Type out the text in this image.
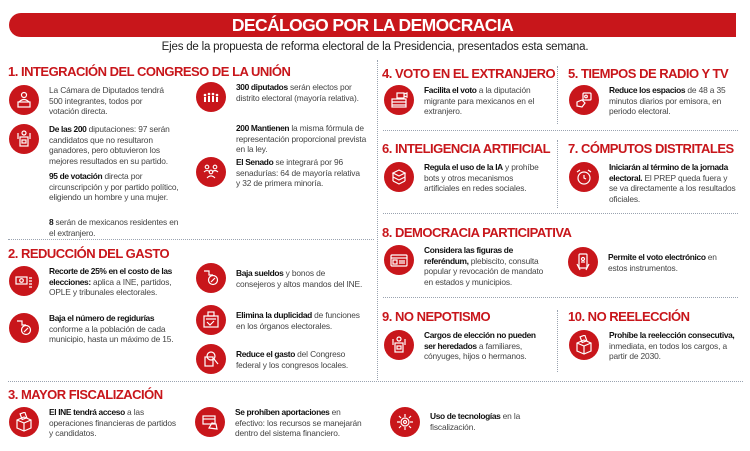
DECÁLOGO POR LA DEMOCRACIA
Ejes de la propuesta de reforma electoral de la Presidencia, presentados esta semana.
1. INTEGRACIÓN DEL CONGRESO DE LA UNIÓN
La Cámara de Diputados tendrá 500 integrantes, todos por votación directa.
De las 200 diputaciones: 97 serán candidatos que no resultaron ganadores, pero obtuvieron los mejores resultados en su partido.
95 de votación directa por circunscripción y por partido político, eligiendo un hombre y una mujer.
8 serán de mexicanos residentes en el extranjero.
300 diputados serán electos por distrito electoral (mayoría relativa).
200 Mantienen la misma fórmula de representación proporcional prevista en la ley.
El Senado se integrará por 96 senadurías: 64 de mayoría relativa y 32 de primera minoría.
2. REDUCCIÓN DEL GASTO
Recorte de 25% en el costo de las elecciones: aplica a INE, partidos, OPLE y tribunales electorales.
Baja el número de regidurías conforme a la población de cada municipio, hasta un máximo de 15.
Baja sueldos y bonos de consejeros y altos mandos del INE.
Elimina la duplicidad de funciones en los órganos electorales.
Reduce el gasto del Congreso federal y los congresos locales.
3. MAYOR FISCALIZACIÓN
El INE tendrá acceso a las operaciones financieras de partidos y candidatos.
Se prohíben aportaciones en efectivo: los recursos se manejarán dentro del sistema financiero.
Uso de tecnologías en la fiscalización.
4. VOTO EN EL EXTRANJERO
Facilita el voto a la diputación migrante para mexicanos en el extranjero.
5. TIEMPOS DE RADIO Y TV
Reduce los espacios de 48 a 35 minutos diarios por emisora, en periodo electoral.
6. INTELIGENCIA ARTIFICIAL
Regula el uso de la IA y prohíbe bots y otros mecanismos artificiales en redes sociales.
7. CÓMPUTOS DISTRITALES
Iniciarán al término de la jornada electoral. El PREP queda fuera y se va directamente a los resultados oficiales.
8. DEMOCRACIA PARTICIPATIVA
Considera las figuras de referéndum, plebiscito, consulta popular y revocación de mandato en estados y municipios.
Permite el voto electrónico en estos instrumentos.
9. NO NEPOTISMO
Cargos de elección no pueden ser heredados a familiares, cónyuges, hijos o hermanos.
10. NO REELECCIÓN
Prohíbe la reelección consecutiva, inmediata, en todos los cargos, a partir de 2030.
